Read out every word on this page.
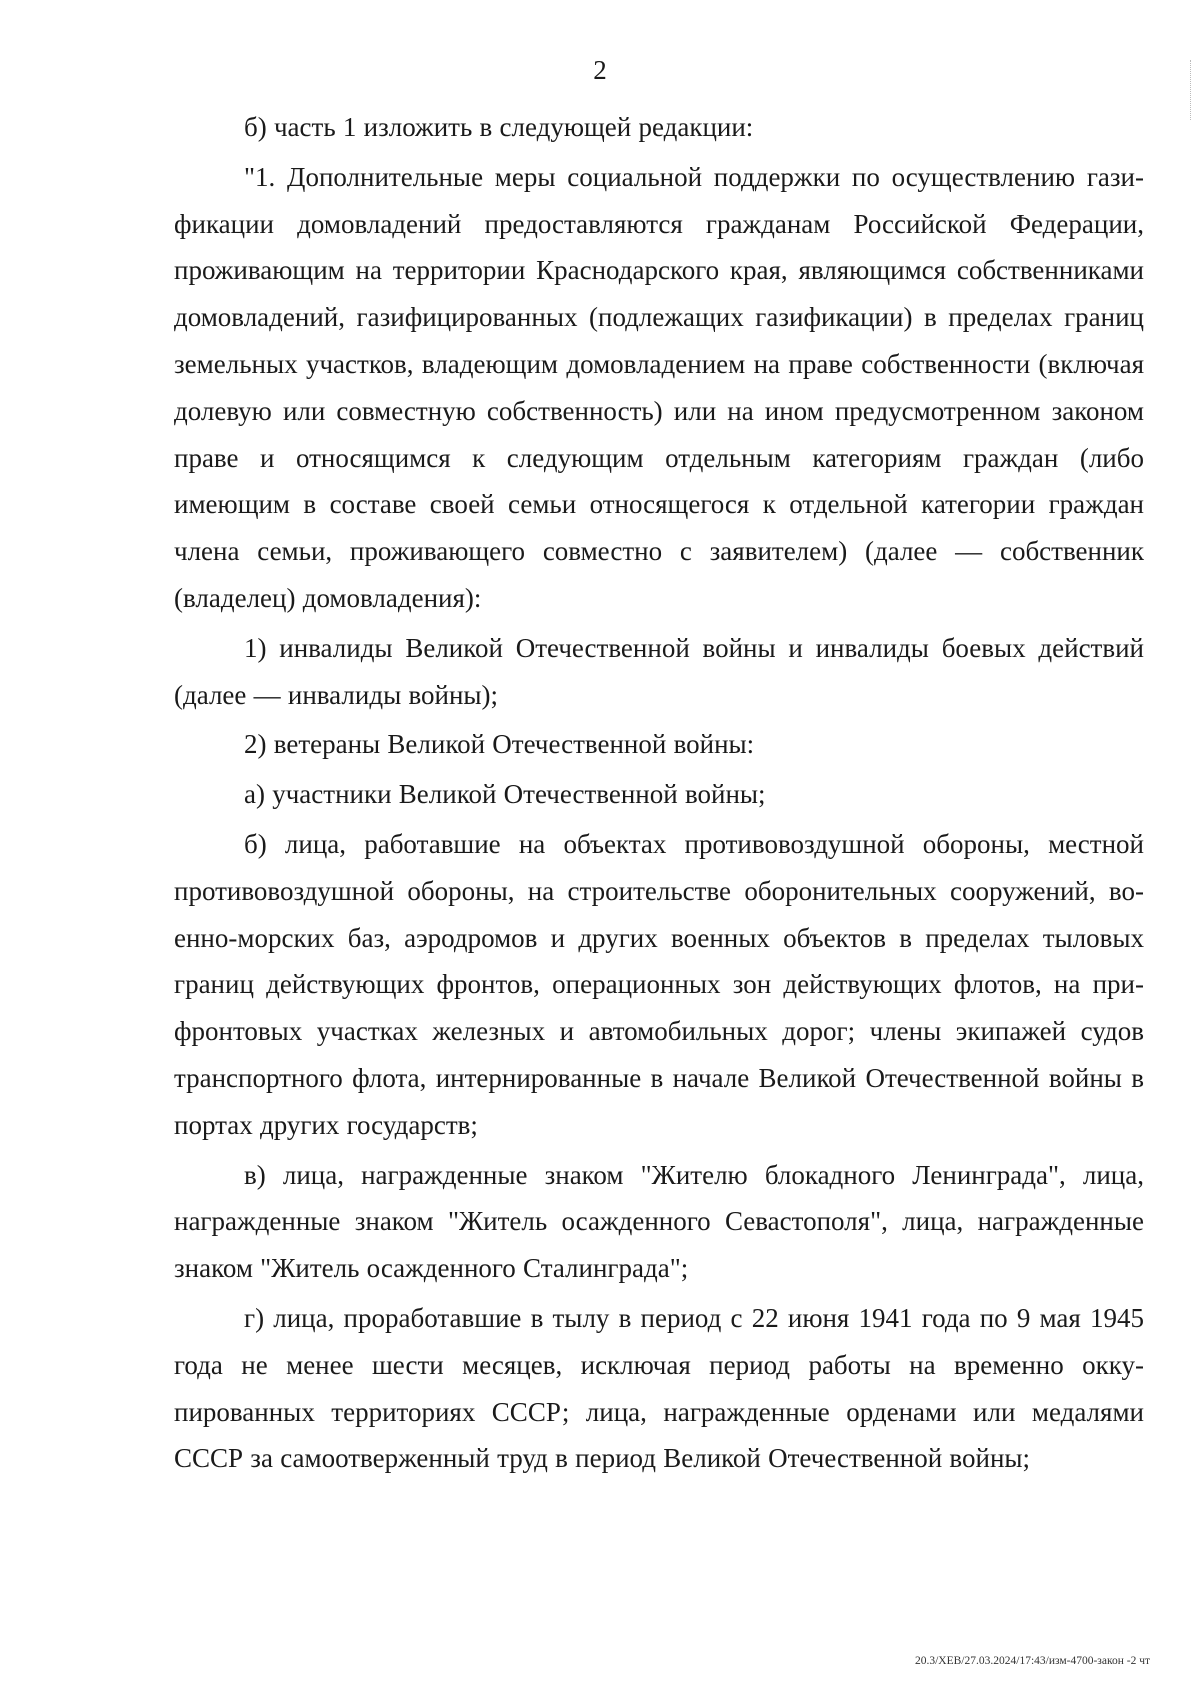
2

б) часть 1 изложить в следующей редакции:

"1. Дополнительные меры социальной поддержки по осуществлению газификации домовладений предоставляются гражданам Российской Федерации, проживающим на территории Краснодарского края, являющимся собственниками домовладений, газифицированных (подлежащих газификации) в пределах границ земельных участков, владеющим домовладением на праве собственности (включая долевую или совместную собственность) или на ином предусмотренном законом праве и относящимся к следующим отдельным категориям граждан (либо имеющим в составе своей семьи относящегося к отдельной категории граждан члена семьи, проживающего совместно с заявителем) (далее — собственник (владелец) домовладения):

1) инвалиды Великой Отечественной войны и инвалиды боевых действий (далее — инвалиды войны);

2) ветераны Великой Отечественной войны:

а) участники Великой Отечественной войны;

б) лица, работавшие на объектах противовоздушной обороны, местной противовоздушной обороны, на строительстве оборонительных сооружений, военно-морских баз, аэродромов и других военных объектов в пределах тыловых границ действующих фронтов, операционных зон действующих флотов, на прифронтовых участках железных и автомобильных дорог; члены экипажей судов транспортного флота, интернированные в начале Великой Отечественной войны в портах других государств;

в) лица, награжденные знаком "Жителю блокадного Ленинграда", лица, награжденные знаком "Житель осажденного Севастополя", лица, награжденные знаком "Житель осажденного Сталинграда";

г) лица, проработавшие в тылу в период с 22 июня 1941 года по 9 мая 1945 года не менее шести месяцев, исключая период работы на временно оккупированных территориях СССР; лица, награжденные орденами или медалями СССР за самоотверженный труд в период Великой Отечественной войны;

20.3/ХЕВ/27.03.2024/17:43/изм-4700-закон -2 чт
